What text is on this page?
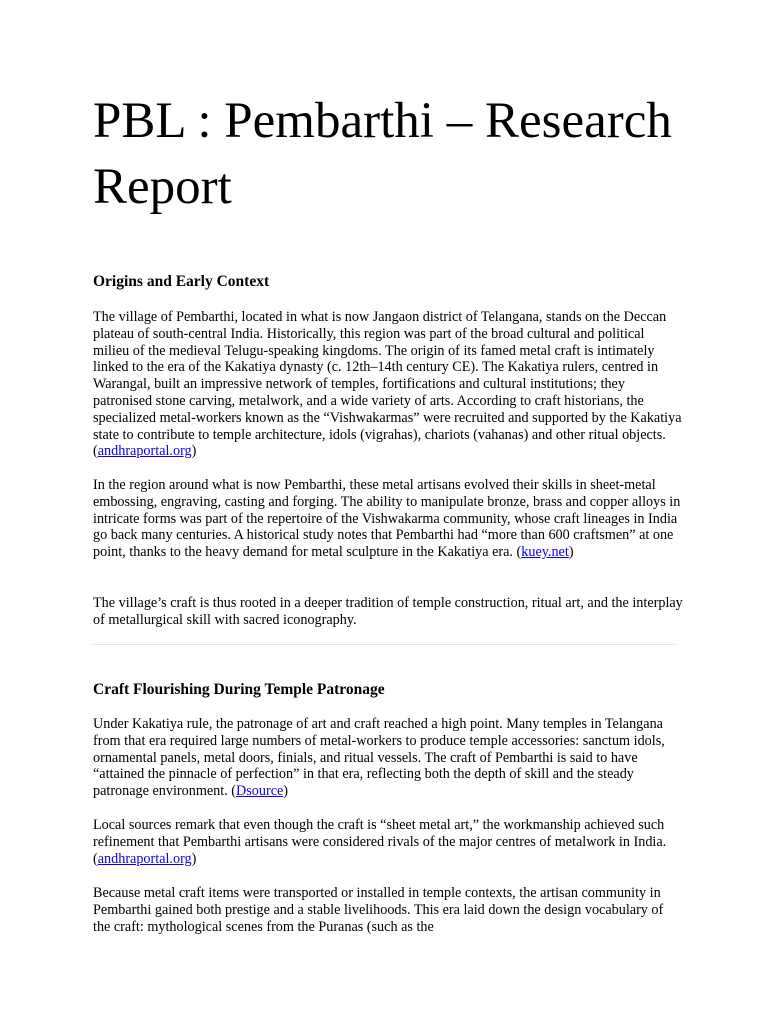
PBL : Pembarthi – Research Report
Origins and Early Context

The village of Pembarthi, located in what is now Jangaon district of Telangana, stands on the Deccan plateau of south-central India. Historically, this region was part of the broad cultural and political milieu of the medieval Telugu-speaking kingdoms. The origin of its famed metal craft is intimately linked to the era of the Kakatiya dynasty (c. 12th–14th century CE). The Kakatiya rulers, centred in Warangal, built an impressive network of temples, fortifications and cultural institutions; they patronised stone carving, metalwork, and a wide variety of arts. According to craft historians, the specialized metal-workers known as the “Vishwakarmas” were recruited and supported by the Kakatiya state to contribute to temple architecture, idols (vigrahas), chariots (vahanas) and other ritual objects. (andhraportal.org)

In the region around what is now Pembarthi, these metal artisans evolved their skills in sheet-metal embossing, engraving, casting and forging. The ability to manipulate bronze, brass and copper alloys in intricate forms was part of the repertoire of the Vishwakarma community, whose craft lineages in India go back many centuries. A historical study notes that Pembarthi had “more than 600 craftsmen” at one point, thanks to the heavy demand for metal sculpture in the Kakatiya era. (kuey.net)

The village’s craft is thus rooted in a deeper tradition of temple construction, ritual art, and the interplay of metallurgical skill with sacred iconography.

Craft Flourishing During Temple Patronage

Under Kakatiya rule, the patronage of art and craft reached a high point. Many temples in Telangana from that era required large numbers of metal-workers to produce temple accessories: sanctum idols, ornamental panels, metal doors, finials, and ritual vessels. The craft of Pembarthi is said to have “attained the pinnacle of perfection” in that era, reflecting both the depth of skill and the steady patronage environment. (Dsource)

Local sources remark that even though the craft is “sheet metal art,” the workmanship achieved such refinement that Pembarthi artisans were considered rivals of the major centres of metalwork in India. (andhraportal.org)

Because metal craft items were transported or installed in temple contexts, the artisan community in Pembarthi gained both prestige and a stable livelihoods. This era laid down the design vocabulary of the craft: mythological scenes from the Puranas (such as the
